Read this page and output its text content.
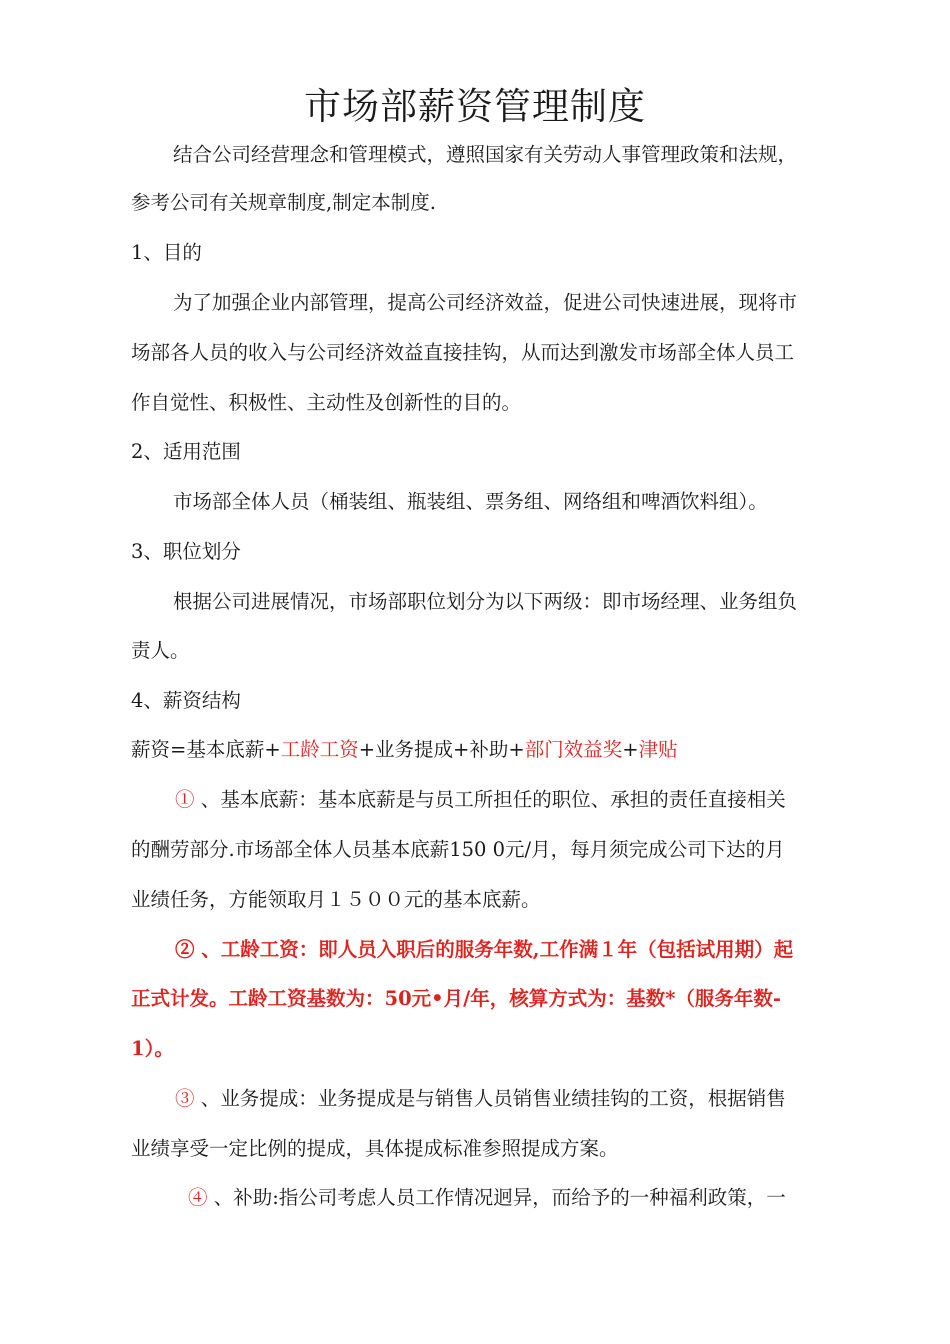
市场部薪资管理制度

结合公司经营理念和管理模式，遵照国家有关劳动人事管理政策和法规，

参考公司有关规章制度,制定本制度.

1、目的

为了加强企业内部管理，提高公司经济效益，促进公司快速进展，现将市

场部各人员的收入与公司经济效益直接挂钩，从而达到激发市场部全体人员工

作自觉性、积极性、主动性及创新性的目的。

2、适用范围

市场部全体人员（桶装组、瓶装组、票务组、网络组和啤酒饮料组）。

3、职位划分

根据公司进展情况，市场部职位划分为以下两级：即市场经理、业务组负

责人。

4、薪资结构

薪资=基本底薪+工龄工资+业务提成+补助+部门效益奖+津贴

① 、基本底薪：基本底薪是与员工所担任的职位、承担的责任直接相关

的酬劳部分.市场部全体人员基本底薪150 0元/月，每月须完成公司下达的月

业绩任务，方能领取月１５００元的基本底薪。

② 、工龄工资：即人员入职后的服务年数,工作满１年（包括试用期）起

正式计发。工龄工资基数为：50元•月/年，核算方式为：基数*（服务年数-

1）。

③ 、业务提成：业务提成是与销售人员销售业绩挂钩的工资，根据销售

业绩享受一定比例的提成，具体提成标准参照提成方案。

④ 、补助:指公司考虑人员工作情况迥异，而给予的一种福利政策，一
